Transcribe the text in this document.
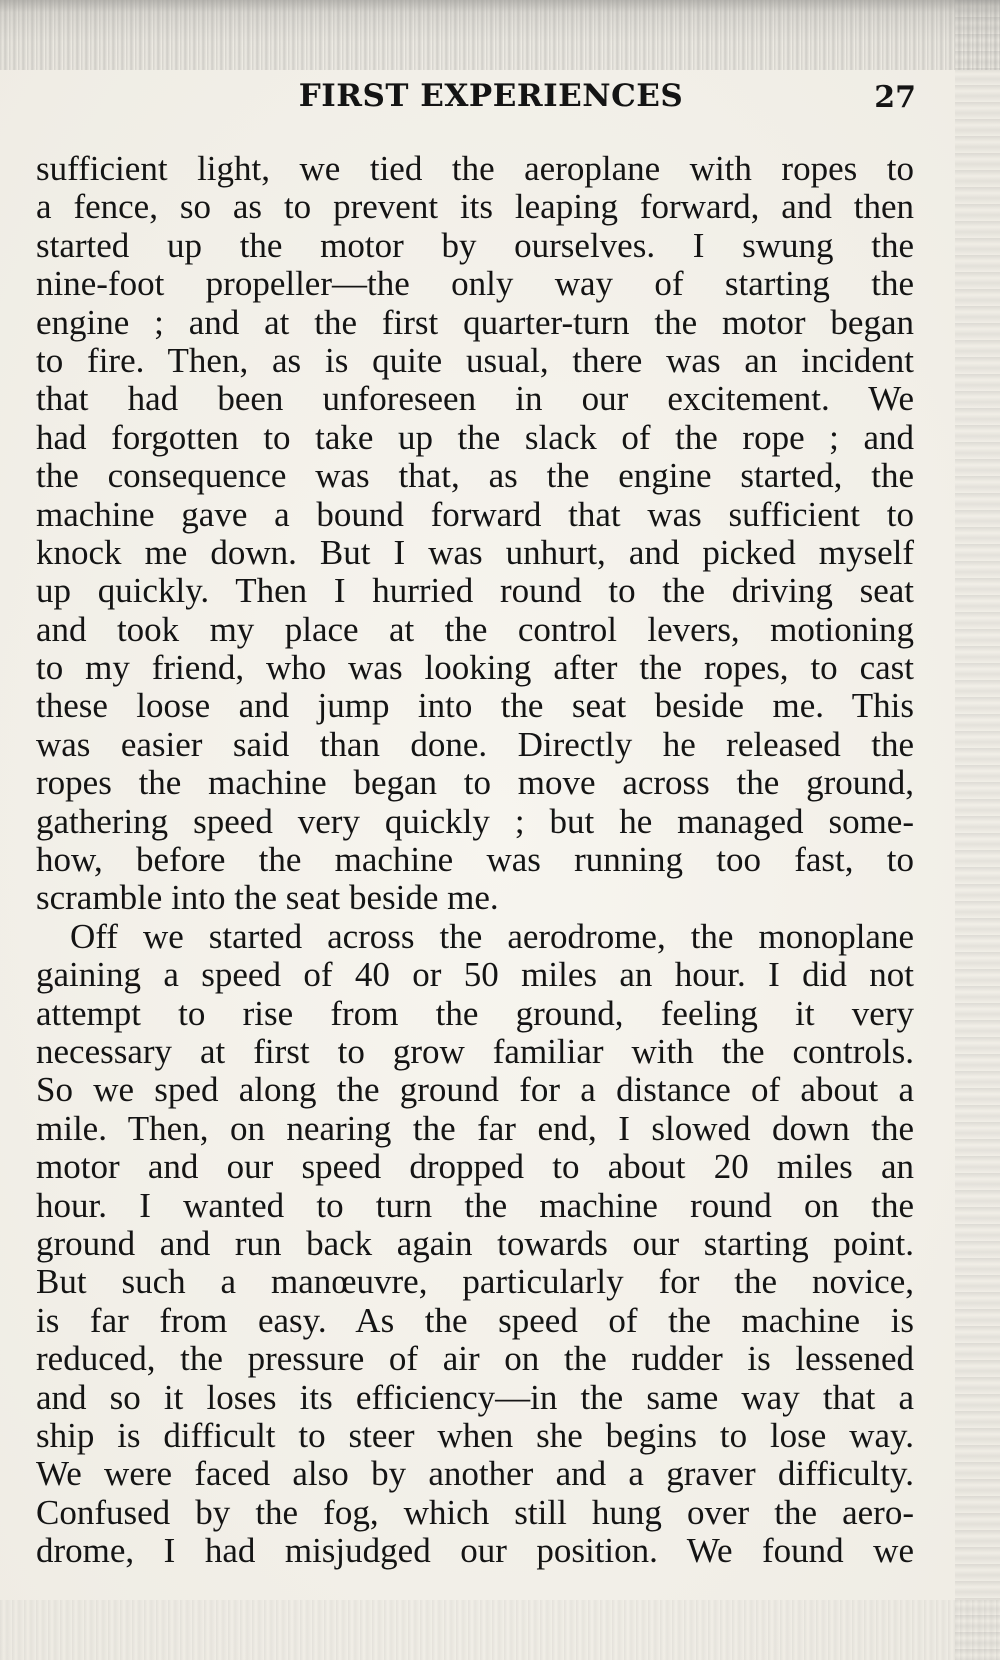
FIRST EXPERIENCES	27
sufficient light, we tied the aeroplane with ropes to
a fence, so as to prevent its leaping forward, and then
started up the motor by ourselves. I swung the
nine-foot propeller—the only way of starting the
engine ; and at the first quarter-turn the motor began
to fire. Then, as is quite usual, there was an incident
that had been unforeseen in our excitement. We
had forgotten to take up the slack of the rope ; and
the consequence was that, as the engine started, the
machine gave a bound forward that was sufficient to
knock me down. But I was unhurt, and picked myself
up quickly. Then I hurried round to the driving seat
and took my place at the control levers, motioning
to my friend, who was looking after the ropes, to cast
these loose and jump into the seat beside me. This
was easier said than done. Directly he released the
ropes the machine began to move across the ground,
gathering speed very quickly ; but he managed some-
how, before the machine was running too fast, to
scramble into the seat beside me.
Off we started across the aerodrome, the monoplane
gaining a speed of 40 or 50 miles an hour. I did not
attempt to rise from the ground, feeling it very
necessary at first to grow familiar with the controls.
So we sped along the ground for a distance of about a
mile. Then, on nearing the far end, I slowed down the
motor and our speed dropped to about 20 miles an
hour. I wanted to turn the machine round on the
ground and run back again towards our starting point.
But such a manœuvre, particularly for the novice,
is far from easy. As the speed of the machine is
reduced, the pressure of air on the rudder is lessened
and so it loses its efficiency—in the same way that a
ship is difficult to steer when she begins to lose way.
We were faced also by another and a graver difficulty.
Confused by the fog, which still hung over the aero-
drome, I had misjudged our position. We found we
